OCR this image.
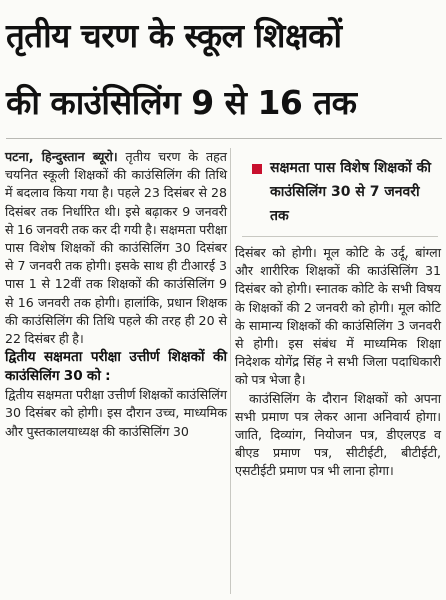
तृतीय चरण के स्कूल शिक्षकों
की काउंसिलिंग 9 से 16 तक

पटना, हिन्दुस्तान ब्यूरो। तृतीय चरण के तहत चयनित स्कूली शिक्षकों की काउंसिलिंग की तिथि में बदलाव किया गया है। पहले 23 दिसंबर से 28 दिसंबर तक निर्धारित थी। इसे बढ़ाकर 9 जनवरी से 16 जनवरी तक कर दी गयी है। सक्षमता परीक्षा पास विशेष शिक्षकों की काउंसिलिंग 30 दिसंबर से 7 जनवरी तक होगी। इसके साथ ही टीआरई 3 पास 1 से 12वीं तक शिक्षकों की काउंसिलिंग 9 से 16 जनवरी तक होगी। हालांकि, प्रधान शिक्षक की काउंसिलिंग की तिथि पहले की तरह ही 20 से 22 दिसंबर ही है।

द्वितीय सक्षमता परीक्षा उत्तीर्ण शिक्षकों की काउंसिलिंग 30 को :

द्वितीय सक्षमता परीक्षा उत्तीर्ण शिक्षकों काउंसिलिंग 30 दिसंबर को होगी। इस दौरान उच्च, माध्यमिक और पुस्तकालयाध्यक्ष की काउंसिलिंग 30

सक्षमता पास विशेष शिक्षकों की काउंसिलिंग 30 से 7 जनवरी तक

दिसंबर को होगी। मूल कोटि के उर्दू, बांग्ला और शारीरिक शिक्षकों की काउंसिलिंग 31 दिसंबर को होगी। स्नातक कोटि के सभी विषय के शिक्षकों की 2 जनवरी को होगी। मूल कोटि के सामान्य शिक्षकों की काउंसिलिंग 3 जनवरी से होगी। इस संबंध में माध्यमिक शिक्षा निदेशक योगेंद्र सिंह ने सभी जिला पदाधिकारी को पत्र भेजा है।

काउंसिलिंग के दौरान शिक्षकों को अपना सभी प्रमाण पत्र लेकर आना अनिवार्य होगा। जाति, दिव्यांग, नियोजन पत्र, डीएलएड व बीएड प्रमाण पत्र, सीटीईटी, बीटीईटी, एसटीईटी प्रमाण पत्र भी लाना होगा।
